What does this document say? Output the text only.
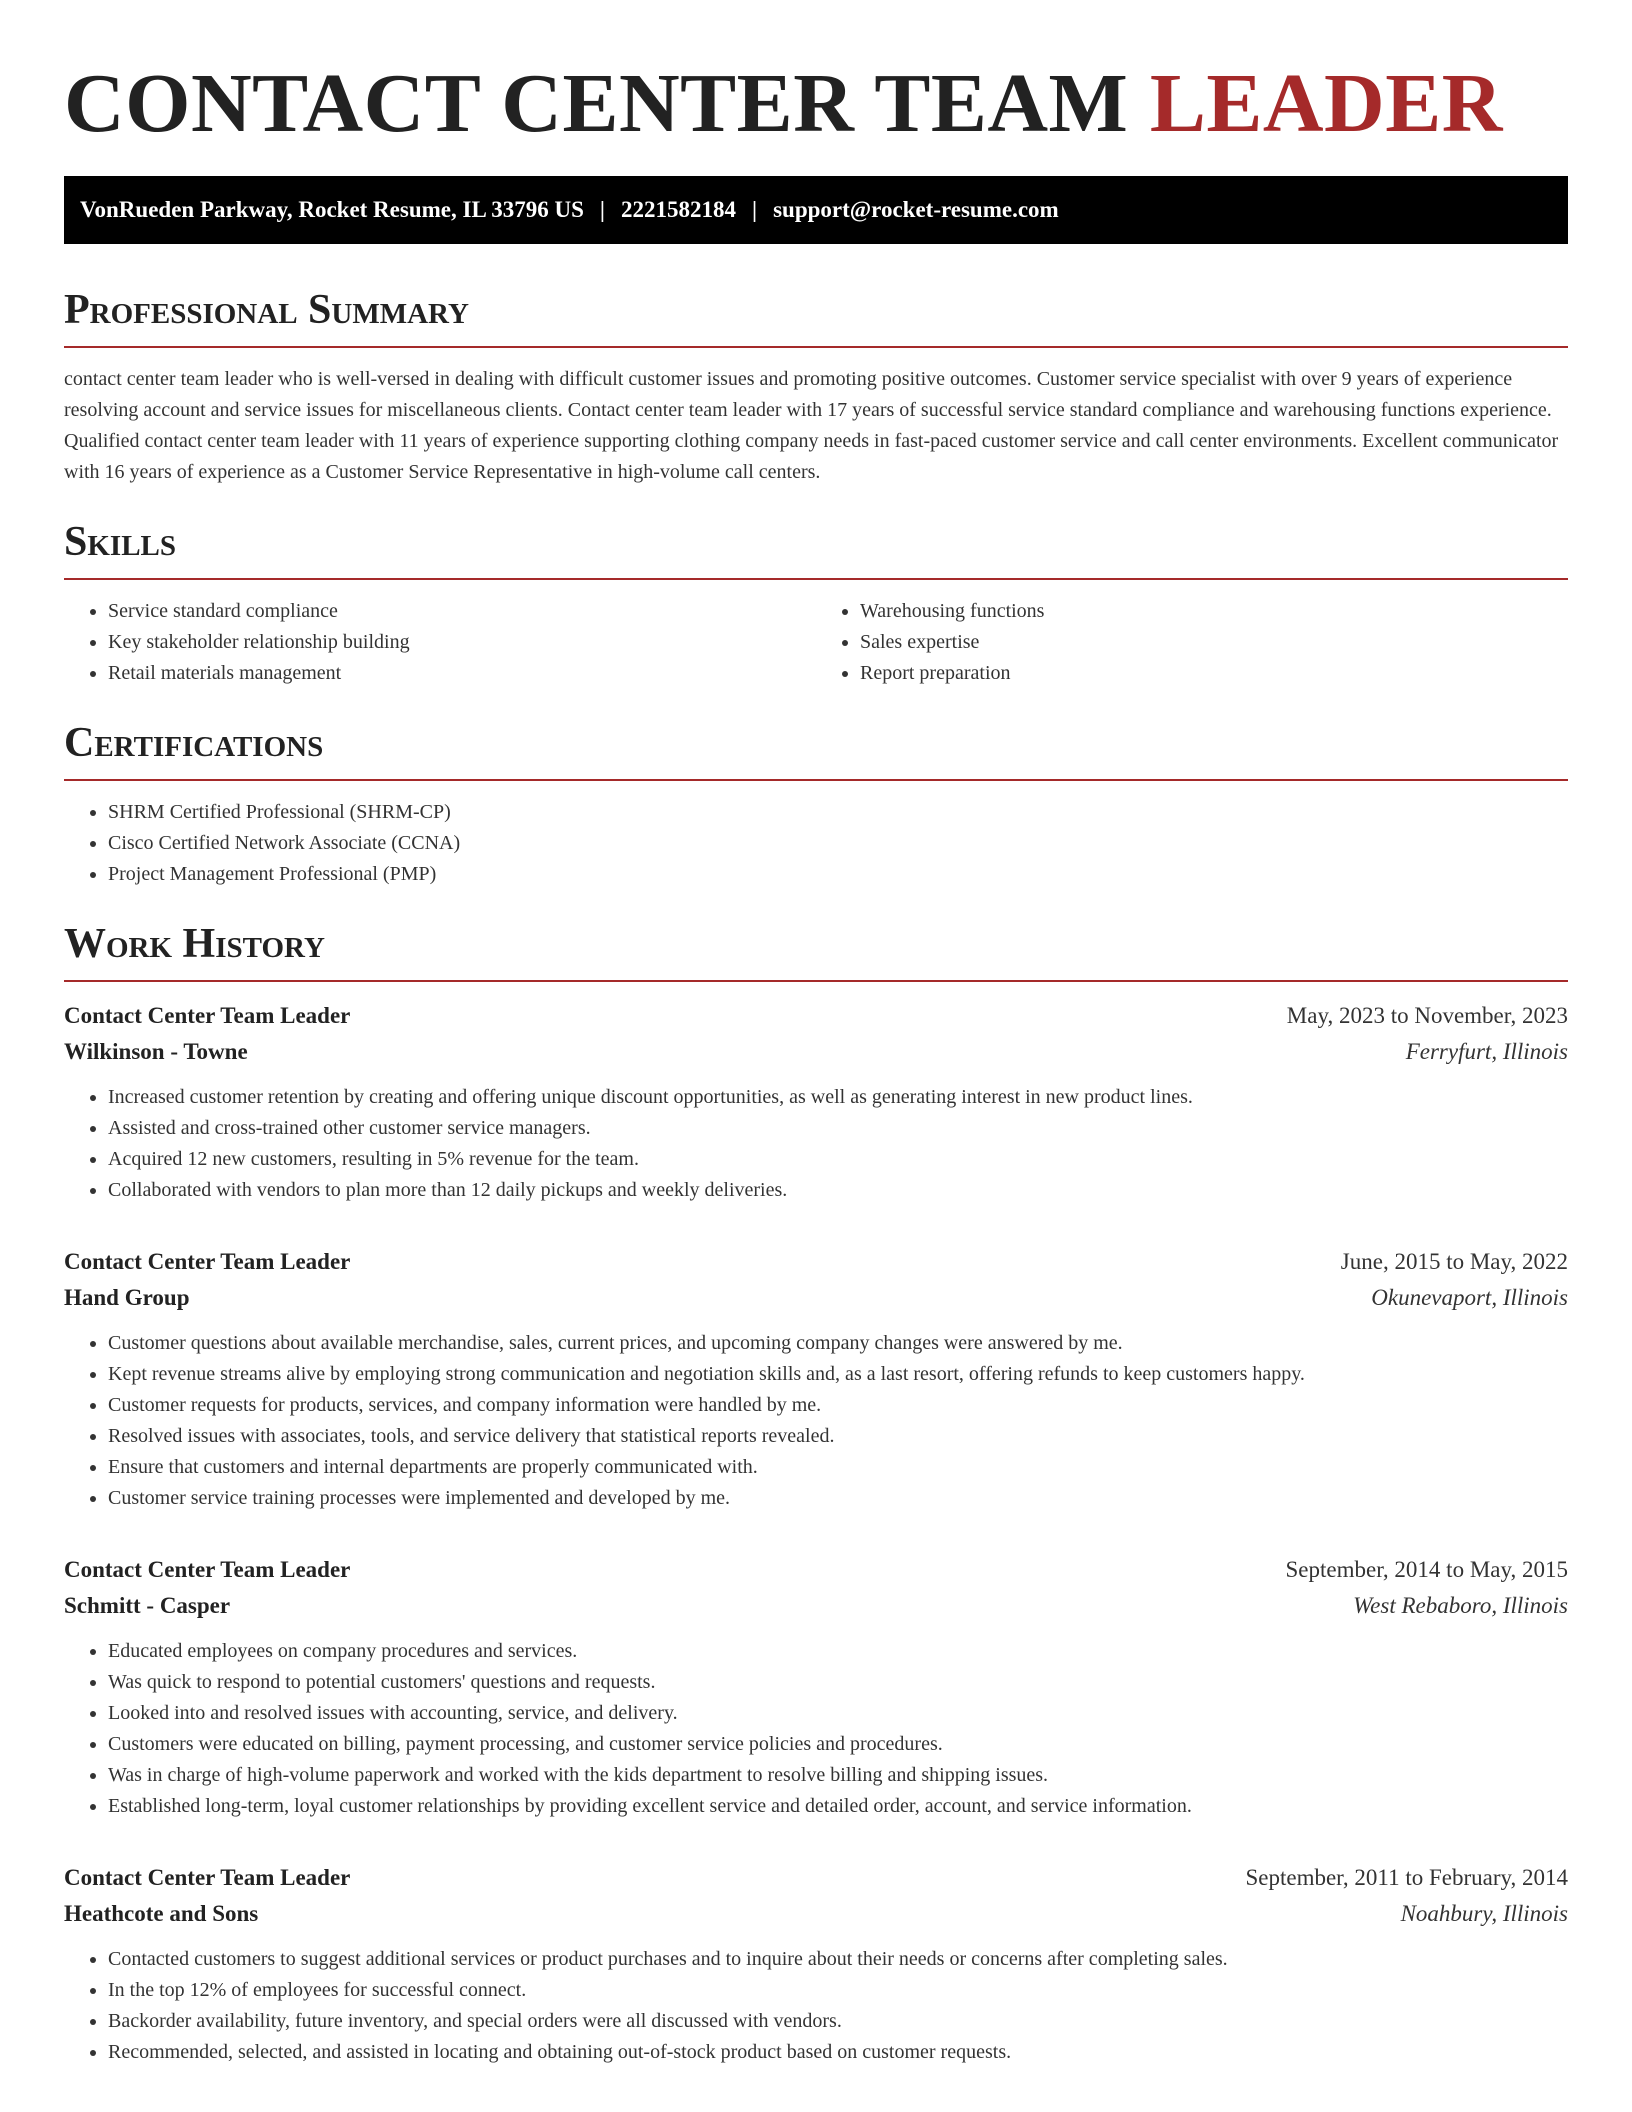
CONTACT CENTER TEAM LEADER
VonRueden Parkway, Rocket Resume, IL 33796 US | 2221582184 | support@rocket-resume.com
Professional Summary

contact center team leader who is well-versed in dealing with difficult customer issues and promoting positive outcomes. Customer service specialist with over 9 years of experience resolving account and service issues for miscellaneous clients. Contact center team leader with 17 years of successful service standard compliance and warehousing functions experience. Qualified contact center team leader with 11 years of experience supporting clothing company needs in fast-paced customer service and call center environments. Excellent communicator with 16 years of experience as a Customer Service Representative in high-volume call centers.

Skills
• Service standard compliance
• Key stakeholder relationship building
• Retail materials management
• Warehousing functions
• Sales expertise
• Report preparation
Certifications
• SHRM Certified Professional (SHRM-CP)
• Cisco Certified Network Associate (CCNA)
• Project Management Professional (PMP)
Work History
Contact Center Team Leader	May, 2023 to November, 2023
Wilkinson - Towne	Ferryfurt, Illinois
• Increased customer retention by creating and offering unique discount opportunities, as well as generating interest in new product lines.
• Assisted and cross-trained other customer service managers.
• Acquired 12 new customers, resulting in 5% revenue for the team.
• Collaborated with vendors to plan more than 12 daily pickups and weekly deliveries.
Contact Center Team Leader	June, 2015 to May, 2022
Hand Group	Okunevaport, Illinois
• Customer questions about available merchandise, sales, current prices, and upcoming company changes were answered by me.
• Kept revenue streams alive by employing strong communication and negotiation skills and, as a last resort, offering refunds to keep customers happy.
• Customer requests for products, services, and company information were handled by me.
• Resolved issues with associates, tools, and service delivery that statistical reports revealed.
• Ensure that customers and internal departments are properly communicated with.
• Customer service training processes were implemented and developed by me.
Contact Center Team Leader	September, 2014 to May, 2015
Schmitt - Casper	West Rebaboro, Illinois
• Educated employees on company procedures and services.
• Was quick to respond to potential customers' questions and requests.
• Looked into and resolved issues with accounting, service, and delivery.
• Customers were educated on billing, payment processing, and customer service policies and procedures.
• Was in charge of high-volume paperwork and worked with the kids department to resolve billing and shipping issues.
• Established long-term, loyal customer relationships by providing excellent service and detailed order, account, and service information.
Contact Center Team Leader	September, 2011 to February, 2014
Heathcote and Sons	Noahbury, Illinois
• Contacted customers to suggest additional services or product purchases and to inquire about their needs or concerns after completing sales.
• In the top 12% of employees for successful connect.
• Backorder availability, future inventory, and special orders were all discussed with vendors.
• Recommended, selected, and assisted in locating and obtaining out-of-stock product based on customer requests.
